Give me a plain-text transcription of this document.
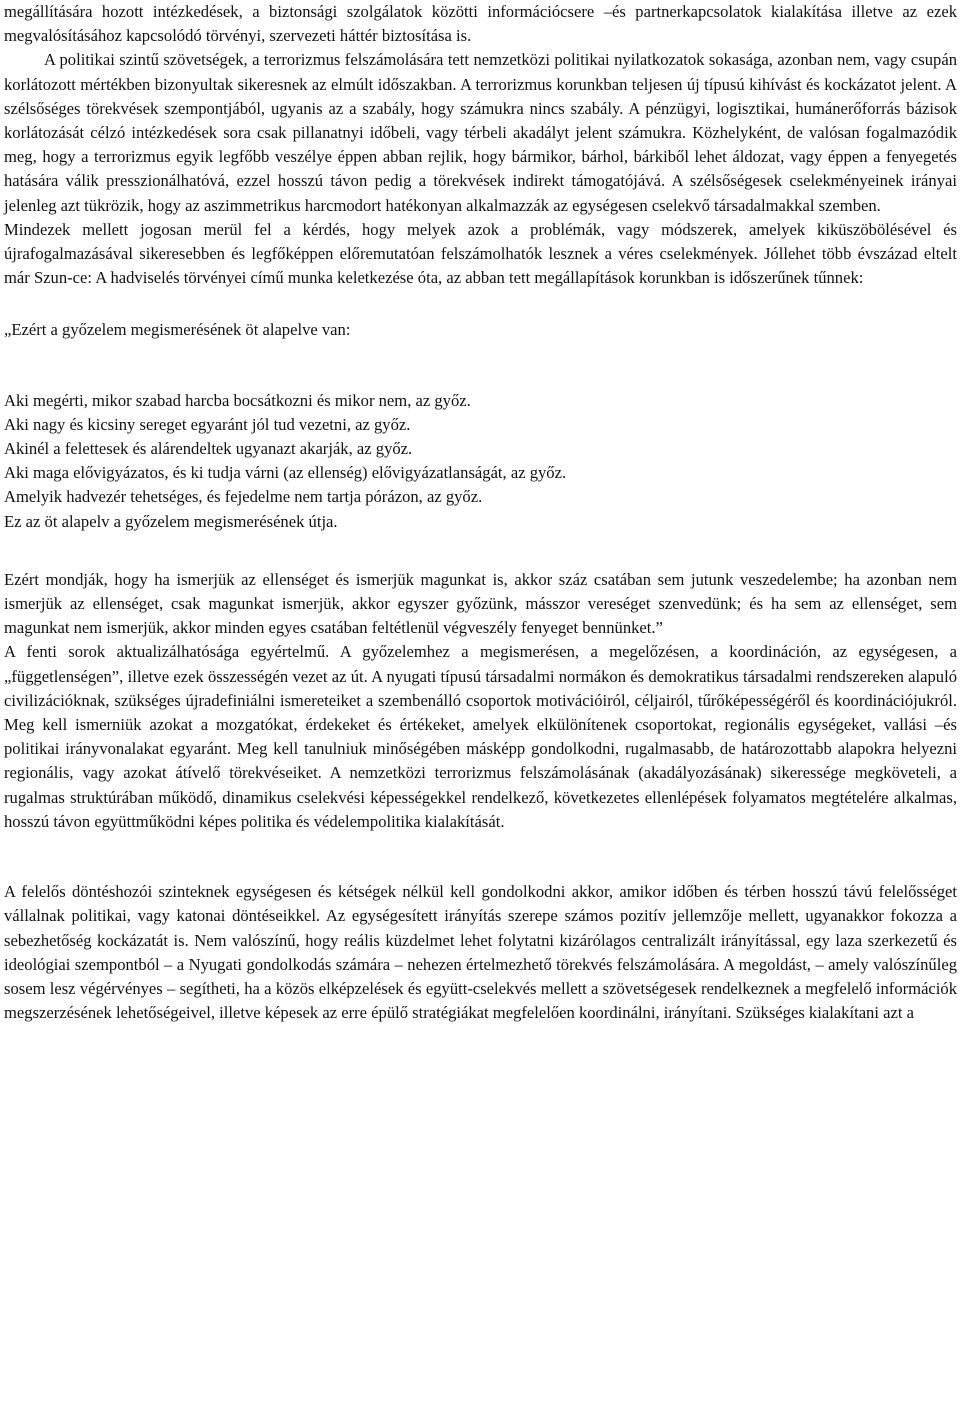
megállítására hozott intézkedések, a biztonsági szolgálatok közötti információcsere –és partnerkapcsolatok kialakítása illetve az ezek megvalósításához kapcsolódó törvényi, szervezeti háttér biztosítása is.

A politikai szintű szövetségek, a terrorizmus felszámolására tett nemzetközi politikai nyilatkozatok sokasága, azonban nem, vagy csupán korlátozott mértékben bizonyultak sikeresnek az elmúlt időszakban. A terrorizmus korunkban teljesen új típusú kihívást és kockázatot jelent. A szélsőséges törekvések szempontjából, ugyanis az a szabály, hogy számukra nincs szabály. A pénzügyi, logisztikai, humánerőforrás bázisok korlátozását célzó intézkedések sora csak pillanatnyi időbeli, vagy térbeli akadályt jelent számukra. Közhelyként, de valósan fogalmazódik meg, hogy a terrorizmus egyik legfőbb veszélye éppen abban rejlik, hogy bármikor, bárhol, bárkiből lehet áldozat, vagy éppen a fenyegetés hatására válik presszionálhatóvá, ezzel hosszú távon pedig a törekvések indirekt támogatójává. A szélsőségesek cselekményeinek irányai jelenleg azt tükrözik, hogy az aszimmetrikus harcmodort hatékonyan alkalmazzák az egységesen cselekvő társadalmakkal szemben.

Mindezek mellett jogosan merül fel a kérdés, hogy melyek azok a problémák, vagy módszerek, amelyek kiküszöbölésével és újrafogalmazásával sikeresebben és legfőképpen előremutatóan felszámolhatók lesznek a véres cselekmények. Jóllehet több évszázad eltelt már Szun-ce: A hadviselés törvényei című munka keletkezése óta, az abban tett megállapítások korunkban is időszerűnek tűnnek:

„Ezért a győzelem megismerésének öt alapelve van:

Aki megérti, mikor szabad harcba bocsátkozni és mikor nem, az győz.

Aki nagy és kicsiny sereget egyaránt jól tud vezetni, az győz.

Akinél a felettesek és alárendeltek ugyanazt akarják, az győz.

Aki maga elővigyázatos, és ki tudja várni (az ellenség) elővigyázatlanságát, az győz.

Amelyik hadvezér tehetséges, és fejedelme nem tartja pórázon, az győz.

Ez az öt alapelv a győzelem megismerésének útja.

Ezért mondják, hogy ha ismerjük az ellenséget és ismerjük magunkat is, akkor száz csatában sem jutunk veszedelembe; ha azonban nem ismerjük az ellenséget, csak magunkat ismerjük, akkor egyszer győzünk, másszor vereséget szenvedünk; és ha sem az ellenséget, sem magunkat nem ismerjük, akkor minden egyes csatában feltétlenül végveszély fenyeget bennünket.”

A fenti sorok aktualizálhatósága egyértelmű. A győzelemhez a megismerésen, a megelőzésen, a koordináción, az egységesen, a „függetlenségen”, illetve ezek összességén vezet az út. A nyugati típusú társadalmi normákon és demokratikus társadalmi rendszereken alapuló civilizációknak, szükséges újradefiniálni ismereteiket a szembenálló csoportok motivációiról, céljairól, tűrőképességéről és koordinációjukról. Meg kell ismerniük azokat a mozgatókat, érdekeket és értékeket, amelyek elkülönítenek csoportokat, regionális egységeket, vallási –és politikai irányvonalakat egyaránt. Meg kell tanulniuk minőségében másképp gondolkodni, rugalmasabb, de határozottabb alapokra helyezni regionális, vagy azokat átívelő törekvéseiket. A nemzetközi terrorizmus felszámolásának (akadályozásának) sikeressége megköveteli, a rugalmas struktúrában működő, dinamikus cselekvési képességekkel rendelkező, következetes ellenlépések folyamatos megtételére alkalmas, hosszú távon együttműködni képes politika és védelempolitika kialakítását.

A felelős döntéshozói szinteknek egységesen és kétségek nélkül kell gondolkodni akkor, amikor időben és térben hosszú távú felelősséget vállalnak politikai, vagy katonai döntéseikkel. Az egységesített irányítás szerepe számos pozitív jellemzője mellett, ugyanakkor fokozza a sebezhetőség kockázatát is. Nem valószínű, hogy reális küzdelmet lehet folytatni kizárólagos centralizált irányítással, egy laza szerkezetű és ideológiai szempontból – a Nyugati gondolkodás számára – nehezen értelmezhető törekvés felszámolására. A megoldást, – amely valószínűleg sosem lesz végérvényes – segítheti, ha a közös elképzelések és együtt-cselekvés mellett a szövetségesek rendelkeznek a megfelelő információk megszerzésének lehetőségeivel, illetve képesek az erre épülő stratégiákat megfelelően koordinálni, irányítani. Szükséges kialakítani azt a
